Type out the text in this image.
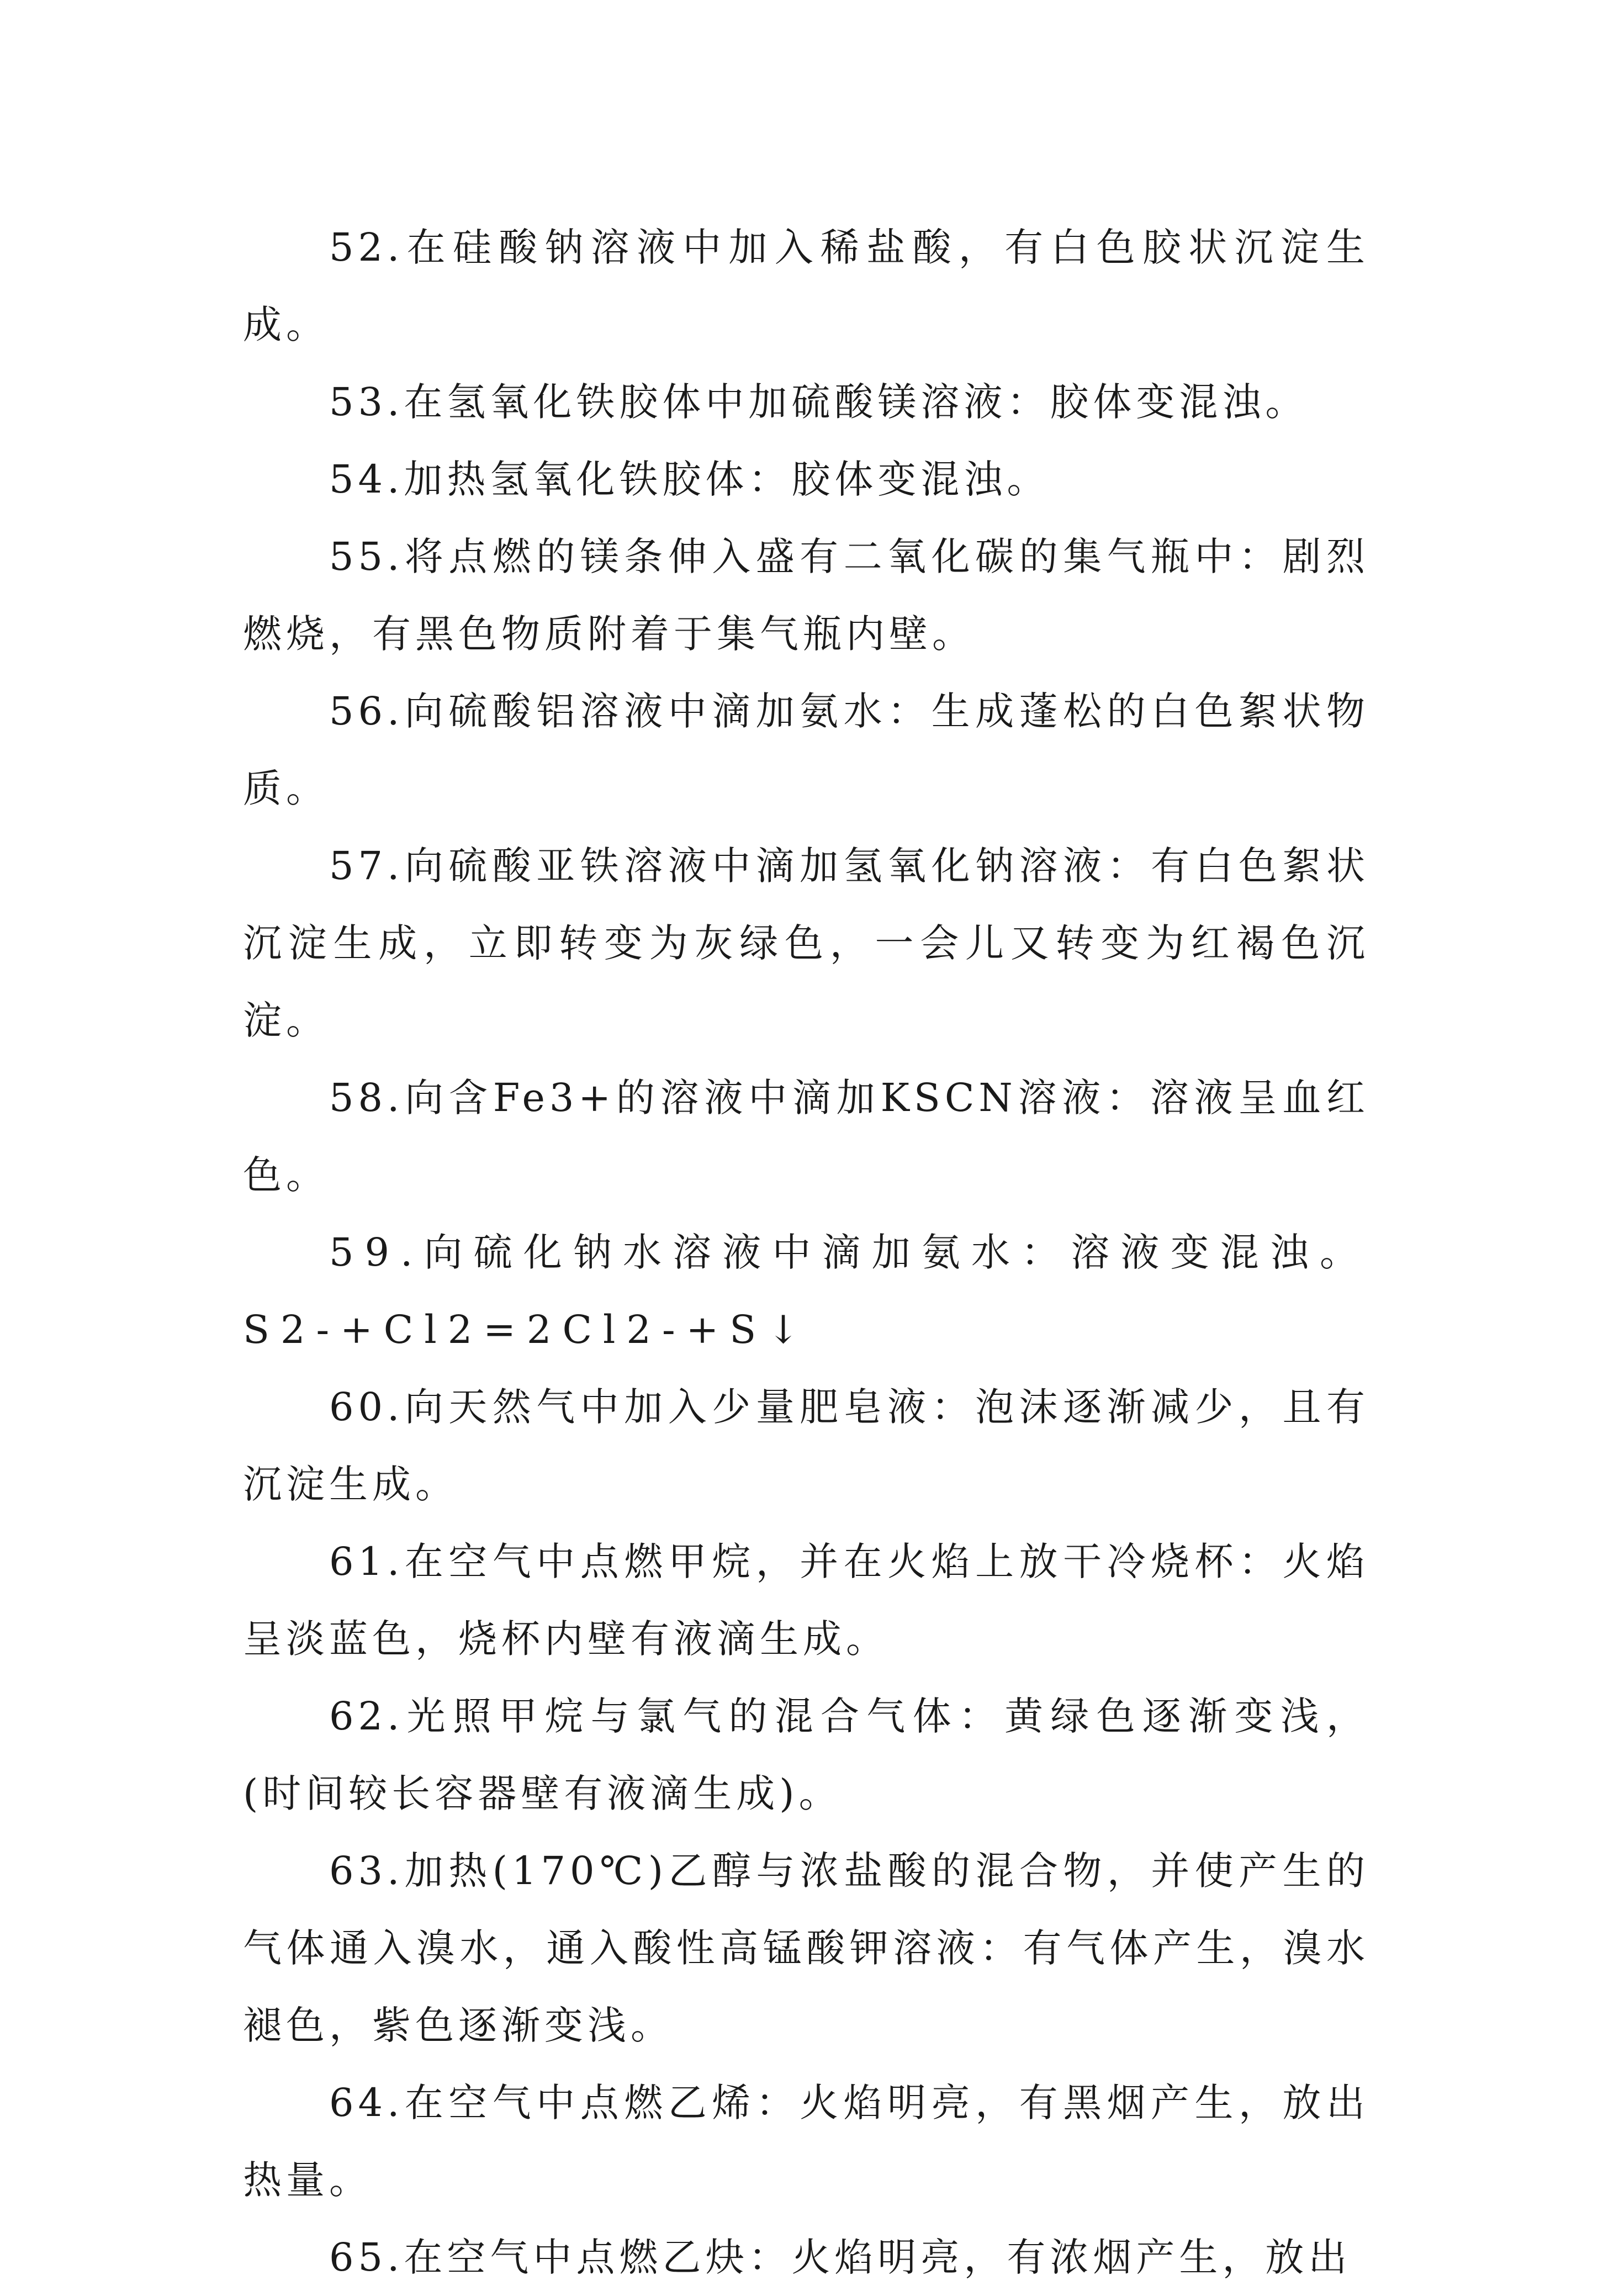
52.在硅酸钠溶液中加入稀盐酸，有白色胶状沉淀生成。

53.在氢氧化铁胶体中加硫酸镁溶液：胶体变混浊。

54.加热氢氧化铁胶体：胶体变混浊。

55.将点燃的镁条伸入盛有二氧化碳的集气瓶中：剧烈燃烧，有黑色物质附着于集气瓶内壁。

56.向硫酸铝溶液中滴加氨水：生成蓬松的白色絮状物质。

57.向硫酸亚铁溶液中滴加氢氧化钠溶液：有白色絮状沉淀生成，立即转变为灰绿色，一会儿又转变为红褐色沉淀。

58.向含Fe3+的溶液中滴加KSCN溶液：溶液呈血红色。

59.向硫化钠水溶液中滴加氨水：溶液变混浊。S2-+Cl2=2Cl2-+S↓

60.向天然气中加入少量肥皂液：泡沫逐渐减少，且有沉淀生成。

61.在空气中点燃甲烷，并在火焰上放干冷烧杯：火焰呈淡蓝色，烧杯内壁有液滴生成。

62.光照甲烷与氯气的混合气体：黄绿色逐渐变浅，(时间较长容器壁有液滴生成)。

63.加热(170℃)乙醇与浓盐酸的混合物，并使产生的气体通入溴水，通入酸性高锰酸钾溶液：有气体产生，溴水褪色，紫色逐渐变浅。

64.在空气中点燃乙烯：火焰明亮，有黑烟产生，放出热量。

65.在空气中点燃乙炔：火焰明亮，有浓烟产生，放出
